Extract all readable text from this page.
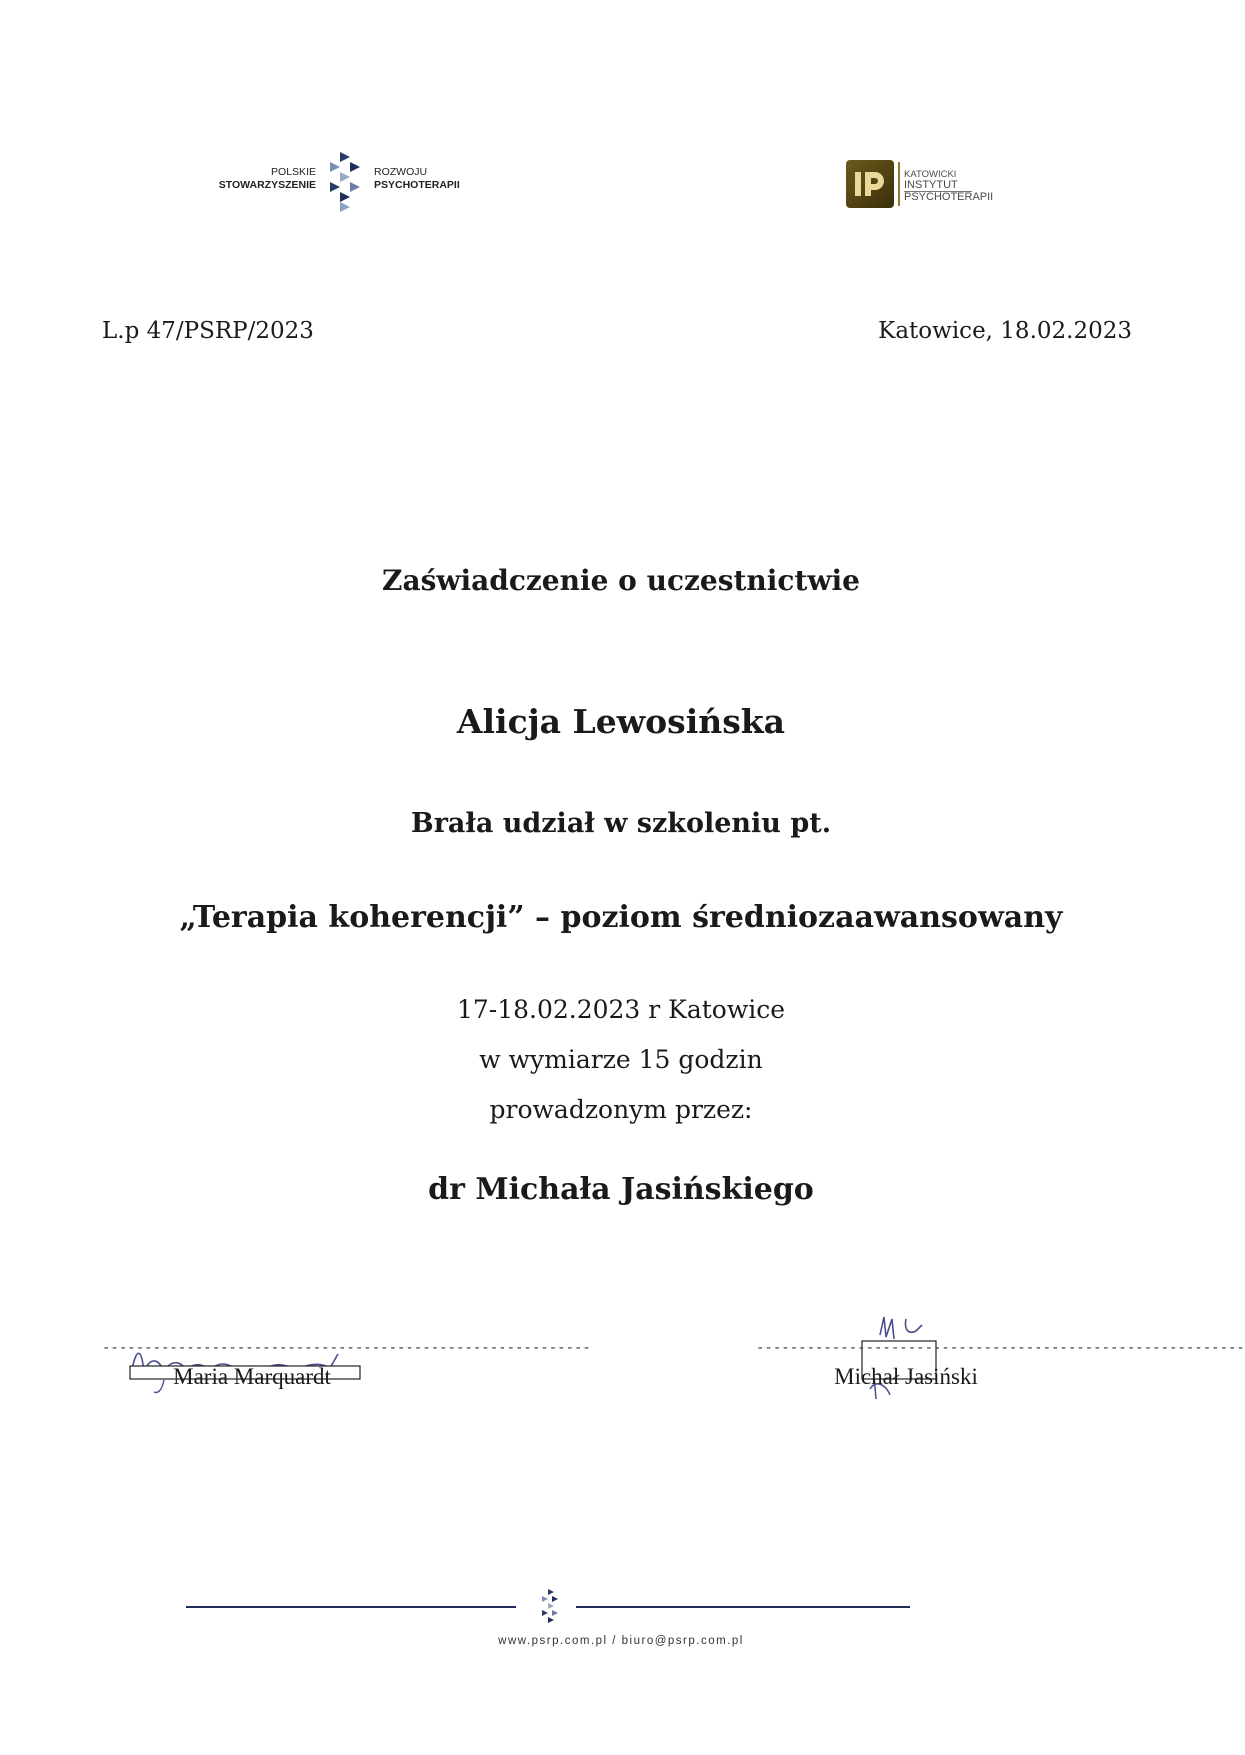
POLSKIE
STOWARZYSZENIE
ROZWOJU
PSYCHOTERAPII
KATOWICKI
INSTYTUT
PSYCHOTERAPII
L.p 47/PSRP/2023	Katowice, 18.02.2023
Zaświadczenie o uczestnictwie
Alicja Lewosińska
Brała udział w szkoleniu pt.
„Terapia koherencji” – poziom średniozaawansowany
17-18.02.2023 r Katowice
w wymiarze 15 godzin
prowadzonym przez:
dr Michała Jasińskiego
----------------------------------------------------------
Maria Marquardt
----------------------------------------------------------
Michał Jasiński
www.psrp.com.pl / biuro@psrp.com.pl
